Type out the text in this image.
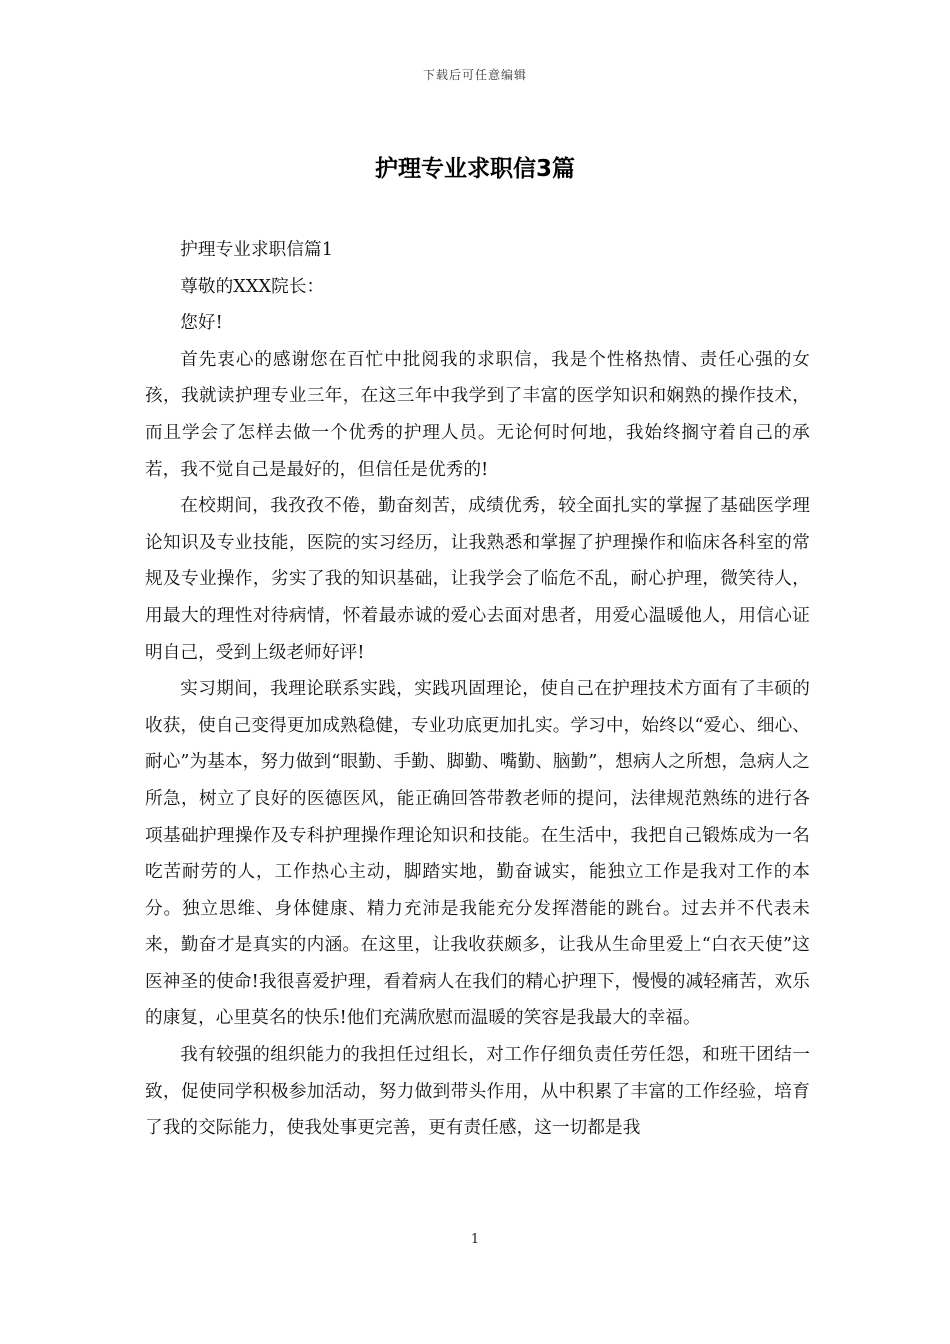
下载后可任意编辑
护理专业求职信3篇

护理专业求职信篇1

尊敬的XXX院长：

您好!

首先衷心的感谢您在百忙中批阅我的求职信，我是个性格热情、责任心强的女孩，我就读护理专业三年，在这三年中我学到了丰富的医学知识和娴熟的操作技术，而且学会了怎样去做一个优秀的护理人员。无论何时何地，我始终搁守着自己的承若，我不觉自己是最好的，但信任是优秀的!

在校期间，我孜孜不倦，勤奋刻苦，成绩优秀，较全面扎实的掌握了基础医学理论知识及专业技能，医院的实习经历，让我熟悉和掌握了护理操作和临床各科室的常规及专业操作，劣实了我的知识基础，让我学会了临危不乱，耐心护理，微笑待人，用最大的理性对待病情，怀着最赤诚的爱心去面对患者，用爱心温暖他人，用信心证明自己，受到上级老师好评!

实习期间，我理论联系实践，实践巩固理论，使自己在护理技术方面有了丰硕的收获，使自己变得更加成熟稳健，专业功底更加扎实。学习中，始终以“爱心、细心、耐心”为基本，努力做到“眼勤、手勤、脚勤、嘴勤、脑勤”，想病人之所想，急病人之所急，树立了良好的医德医风，能正确回答带教老师的提问，法律规范熟练的进行各项基础护理操作及专科护理操作理论知识和技能。在生活中，我把自己锻炼成为一名吃苦耐劳的人，工作热心主动，脚踏实地，勤奋诚实，能独立工作是我对工作的本分。独立思维、身体健康、精力充沛是我能充分发挥潜能的跳台。过去并不代表未来，勤奋才是真实的内涵。在这里，让我收获颇多，让我从生命里爱上“白衣天使”这医神圣的使命!我很喜爱护理，看着病人在我们的精心护理下，慢慢的减轻痛苦，欢乐的康复，心里莫名的快乐!他们充满欣慰而温暖的笑容是我最大的幸福。

我有较强的组织能力的我担任过组长，对工作仔细负责任劳任怨，和班干团结一致，促使同学积极参加活动，努力做到带头作用，从中积累了丰富的工作经验，培育了我的交际能力，使我处事更完善，更有责任感，这一切都是我

1
